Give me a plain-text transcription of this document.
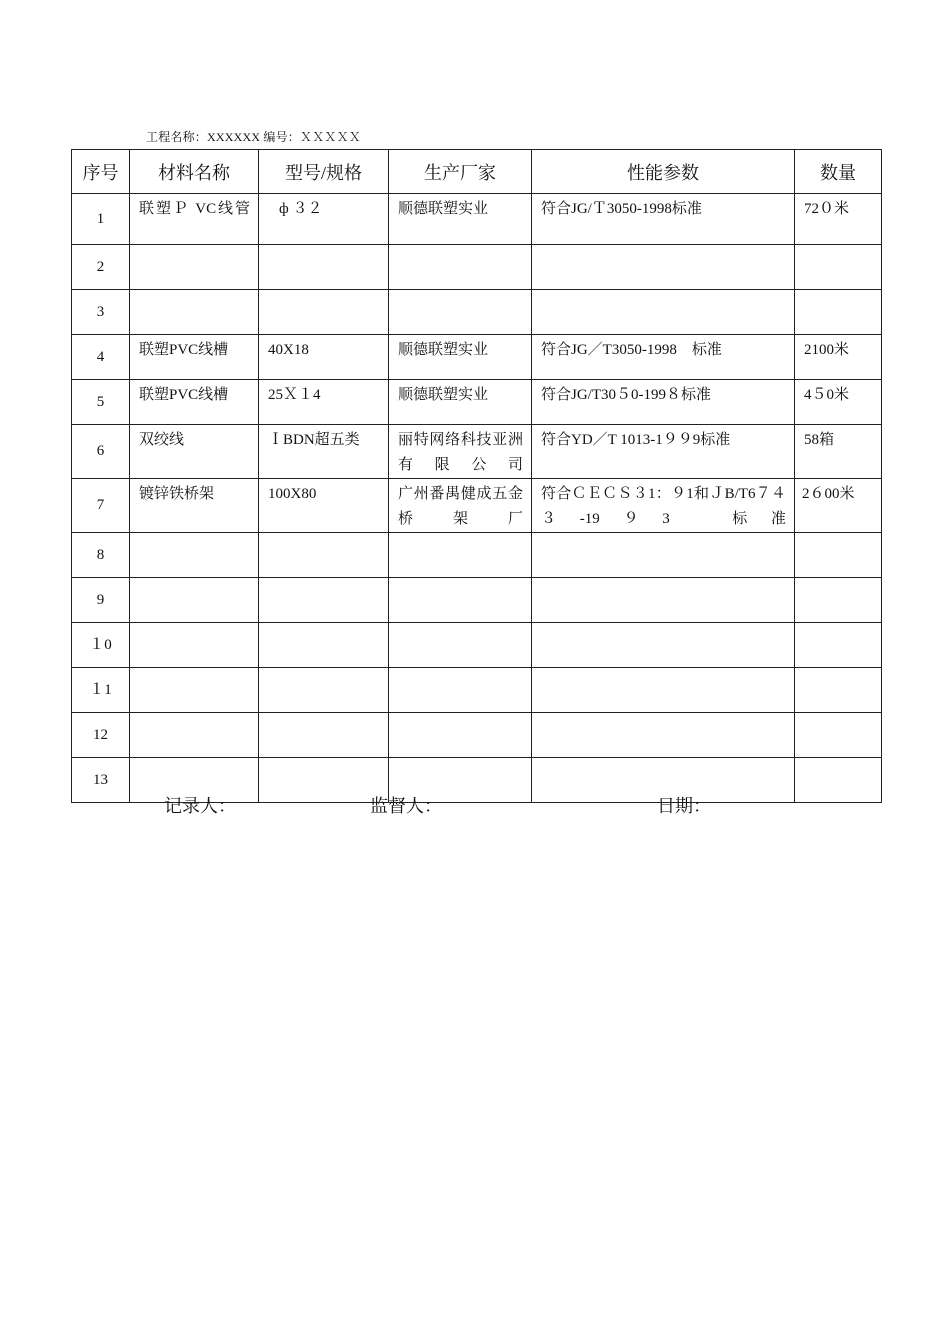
工程名称：XXXXXX 编号：ＸＸＸＸＸ
序号	材料名称	型号/规格	生产厂家	性能参数	数量
1	联塑Ｐ VC线管	ф ３２	顺德联塑实业	符合JG/Ｔ3050-1998标准	72０米
2					
3					
4	联塑PVC线槽	40X18	顺德联塑实业	符合JG／T3050-1998　标准	2100米
5	联塑PVC线槽	25Ｘ１4	顺德联塑实业	符合JG/T30５0-199８标准	4５0米
6	双绞线	ＩBDN超五类	丽特网络科技亚洲有限公司	符合YD／T 1013-1９９9标准	58箱
7	镀锌铁桥架	100X80	广州番禺健成五金桥架厂	符合ＣＥＣＳ３1：９1和ＪB/T6７４３-19９3　标准	2６00米
8					
9					
１0					
１1					
12					
13					
记录人：	监督人：	日期：
